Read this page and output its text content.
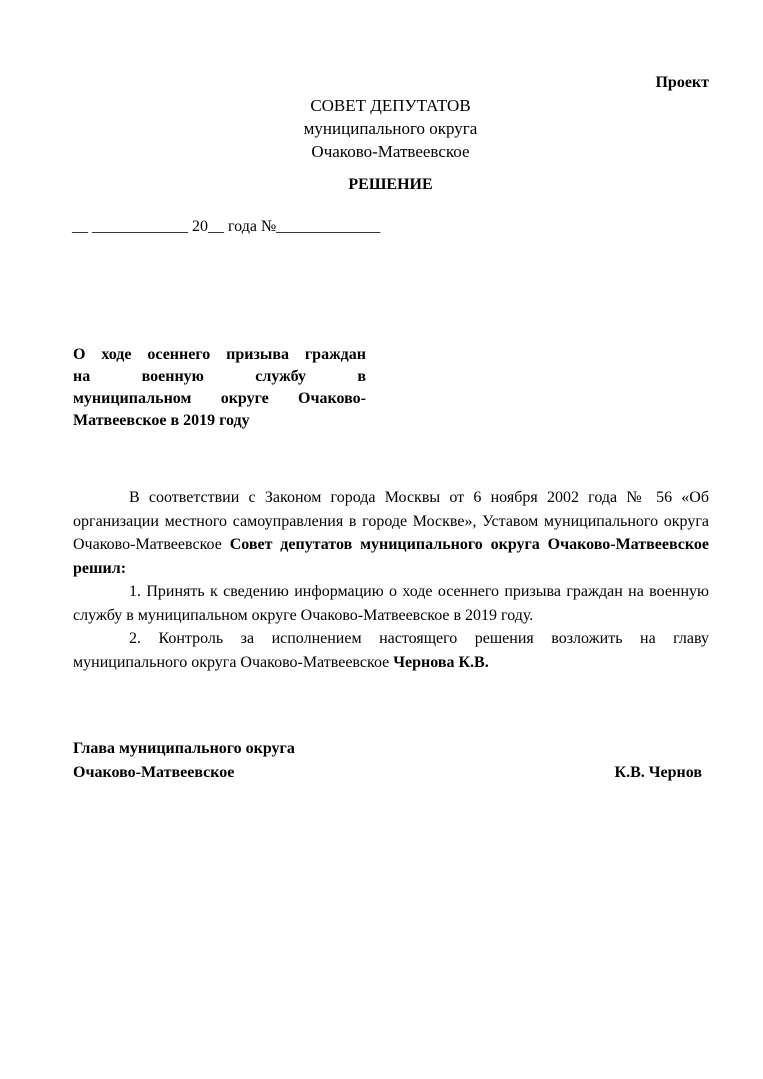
Проект
СОВЕТ ДЕПУТАТОВ
муниципального округа
Очаково-Матвеевское
РЕШЕНИЕ
__ ____________ 20__ года №_____________
О ходе осеннего призыва граждан
на военную службу в
муниципальном округе Очаково-
Матвеевское в 2019 году

В соответствии с Законом города Москвы от 6 ноября 2002 года № 56 «Об организации местного самоуправления в городе Москве», Уставом муниципального округа Очаково-Матвеевское Совет депутатов муниципального округа Очаково-Матвеевское решил:

1. Принять к сведению информацию о ходе осеннего призыва граждан на военную службу в муниципальном округе Очаково-Матвеевское в 2019 году.

2. Контроль за исполнением настоящего решения возложить на главу муниципального округа Очаково-Матвеевское Чернова К.В.

Глава муниципального округа
Очаково-Матвеевское	К.В. Чернов
